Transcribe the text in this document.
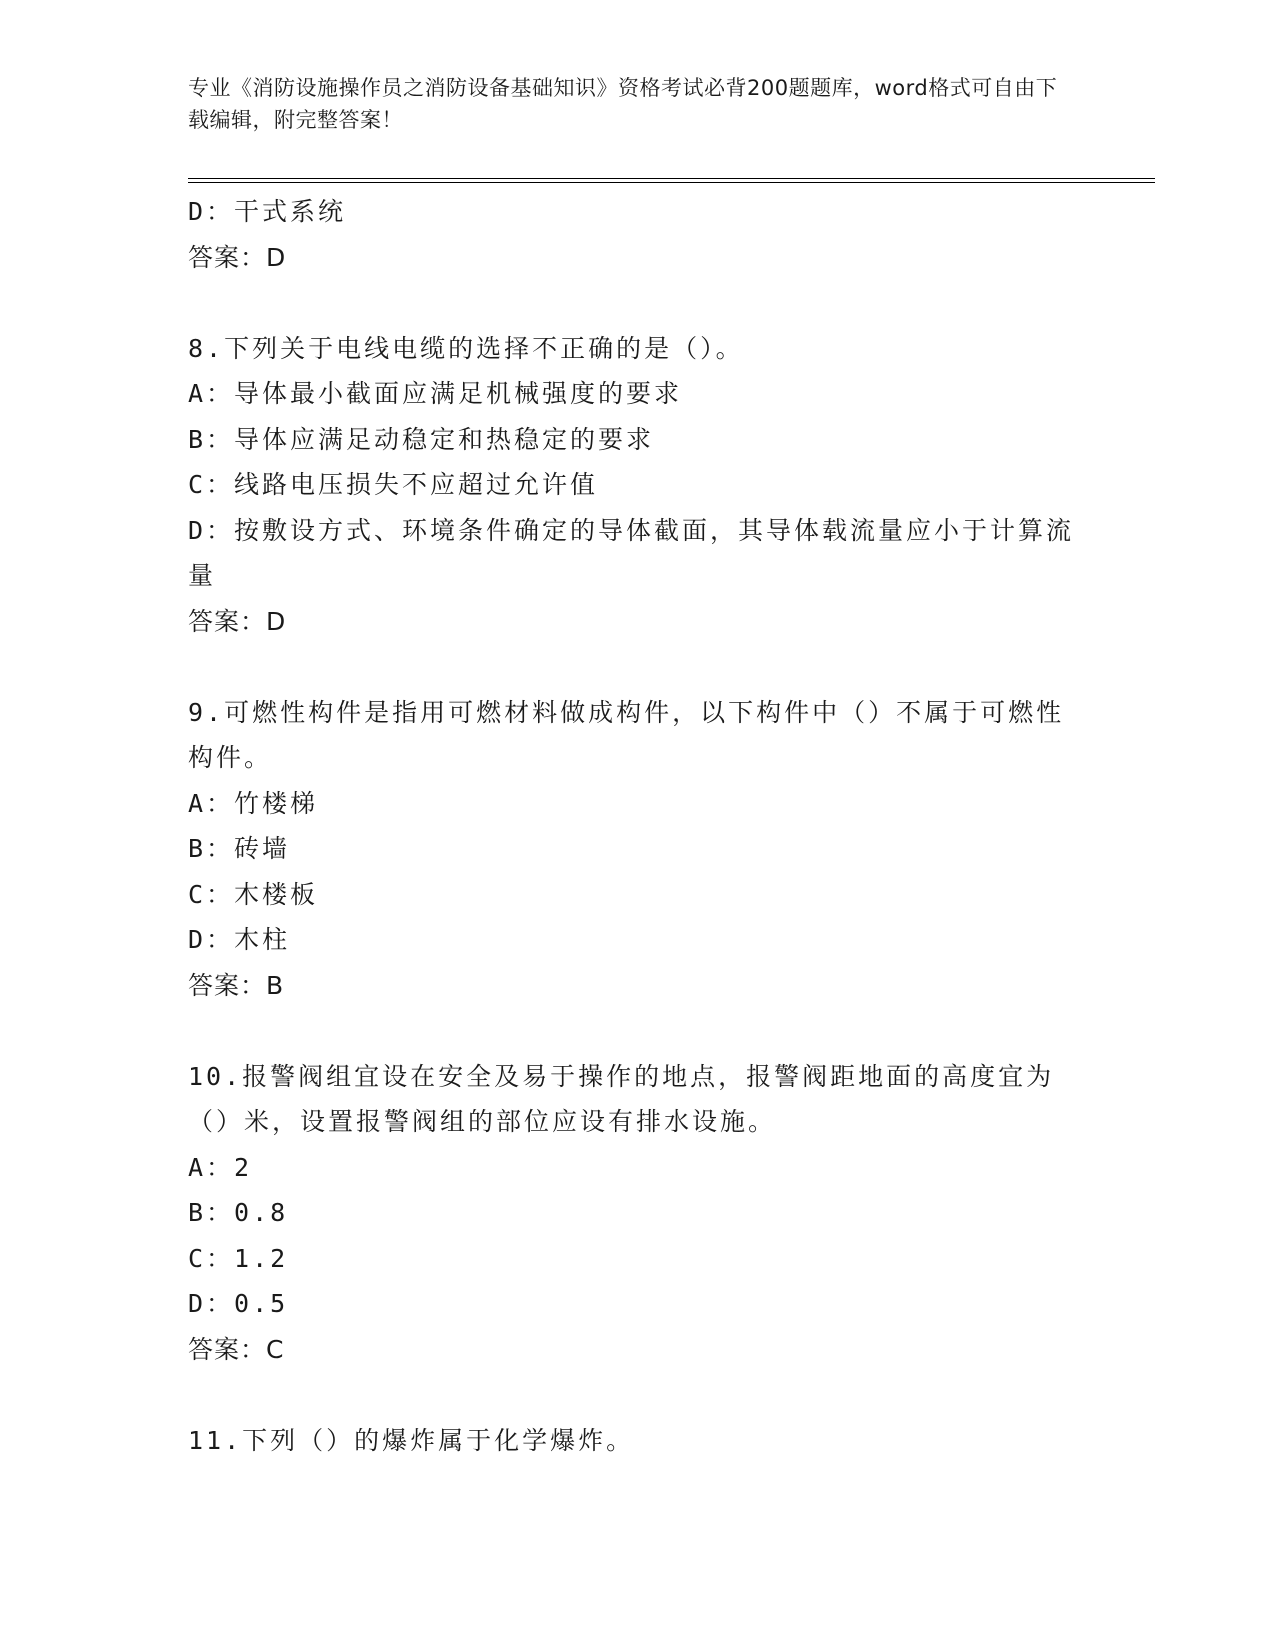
专业《消防设施操作员之消防设备基础知识》资格考试必背200题题库，word格式可自由下载编辑，附完整答案！
D：干式系统
答案：D
8.下列关于电线电缆的选择不正确的是（）。
A：导体最小截面应满足机械强度的要求
B：导体应满足动稳定和热稳定的要求
C：线路电压损失不应超过允许值
D：按敷设方式、环境条件确定的导体截面，其导体载流量应小于计算流量
答案：D
9.可燃性构件是指用可燃材料做成构件，以下构件中（）不属于可燃性构件。
A：竹楼梯
B：砖墙
C：木楼板
D：木柱
答案：B
10.报警阀组宜设在安全及易于操作的地点，报警阀距地面的高度宜为（）米，设置报警阀组的部位应设有排水设施。
A：2
B：0.8
C：1.2
D：0.5
答案：C
11.下列（）的爆炸属于化学爆炸。
